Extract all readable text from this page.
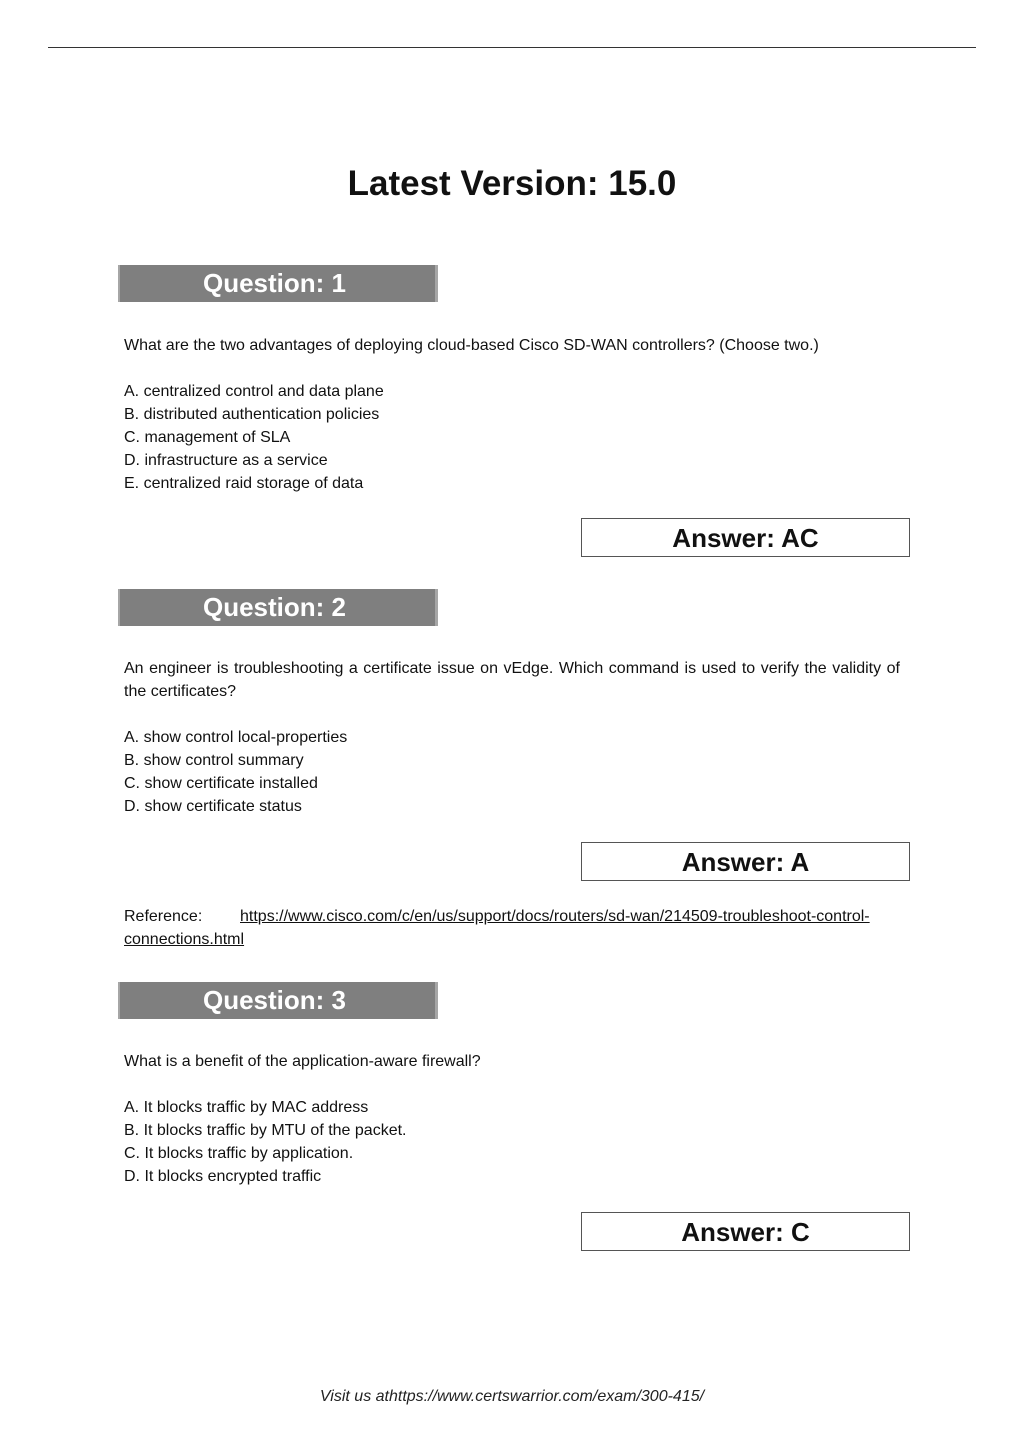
Latest Version: 15.0
Question: 1

What are the two advantages of deploying cloud-based Cisco SD-WAN controllers? (Choose two.)

A. centralized control and data plane
B. distributed authentication policies
C. management of SLA
D. infrastructure as a service
E. centralized raid storage of data
Answer: AC
Question: 2

An engineer is troubleshooting a certificate issue on vEdge. Which command is used to verify the validity of the certificates?

A. show control local-properties
B. show control summary
C. show certificate installed
D. show certificate status
Answer: A
Reference: https://www.cisco.com/c/en/us/support/docs/routers/sd-wan/214509-troubleshoot-control-connections.html
Question: 3

What is a benefit of the application-aware firewall?

A. It blocks traffic by MAC address
B. It blocks traffic by MTU of the packet.
C. It blocks traffic by application.
D. It blocks encrypted traffic
Answer: C
Visit us athttps://www.certswarrior.com/exam/300-415/
